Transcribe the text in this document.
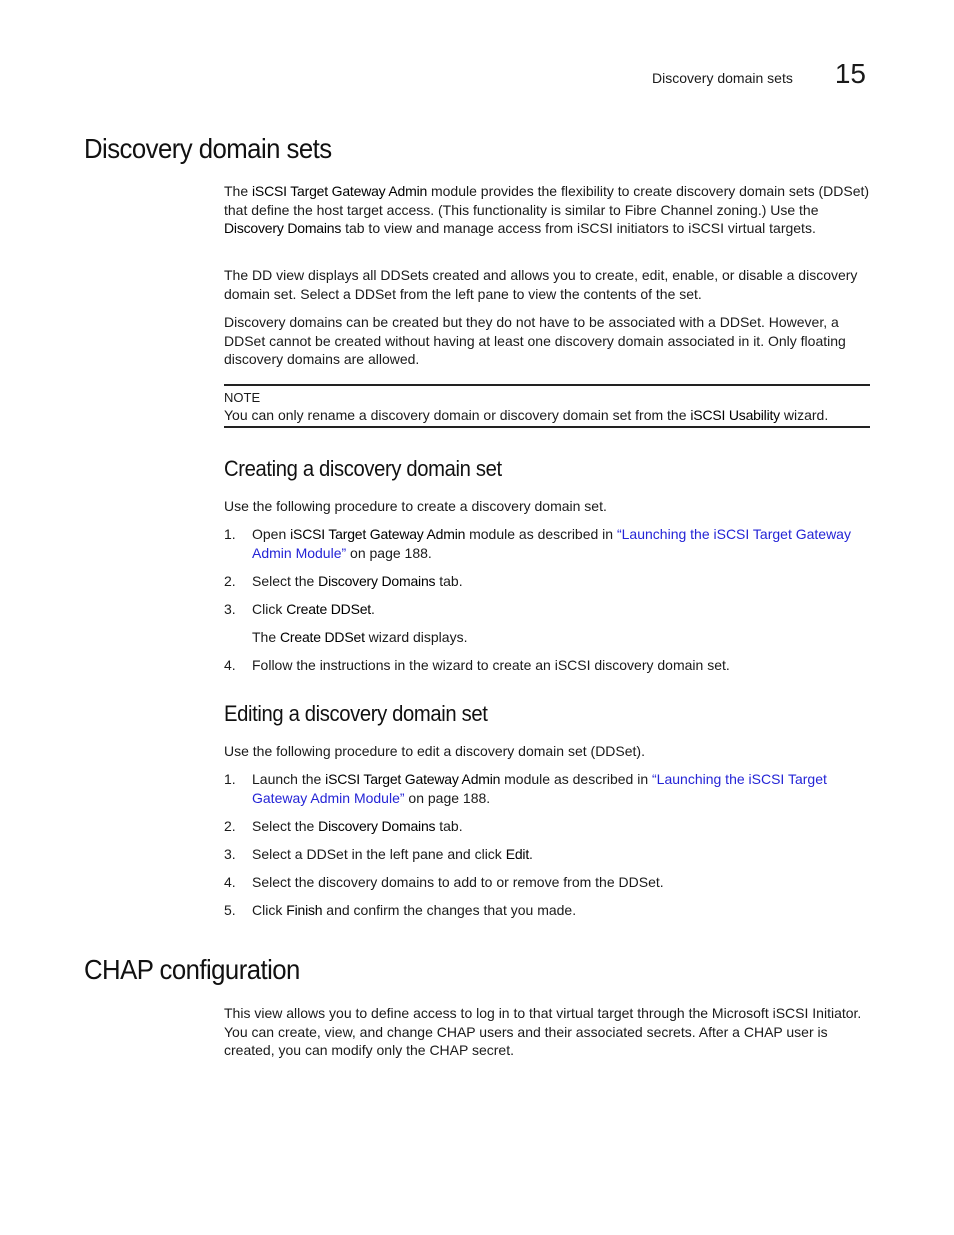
Discovery domain sets 15
Discovery domain sets

The iSCSI Target Gateway Admin module provides the flexibility to create discovery domain sets (DDSet) that define the host target access. (This functionality is similar to Fibre Channel zoning.) Use the Discovery Domains tab to view and manage access from iSCSI initiators to iSCSI virtual targets.

The DD view displays all DDSets created and allows you to create, edit, enable, or disable a discovery domain set. Select a DDSet from the left pane to view the contents of the set.

Discovery domains can be created but they do not have to be associated with a DDSet. However, a DDSet cannot be created without having at least one discovery domain associated in it. Only floating discovery domains are allowed.

NOTE
You can only rename a discovery domain or discovery domain set from the iSCSI Usability wizard.
Creating a discovery domain set

Use the following procedure to create a discovery domain set.

1.	Open iSCSI Target Gateway Admin module as described in “Launching the iSCSI Target Gateway Admin Module” on page 188.
2.	Select the Discovery Domains tab.
3.	Click Create DDSet.
The Create DDSet wizard displays.
4.	Follow the instructions in the wizard to create an iSCSI discovery domain set.
Editing a discovery domain set

Use the following procedure to edit a discovery domain set (DDSet).

1.	Launch the iSCSI Target Gateway Admin module as described in “Launching the iSCSI Target Gateway Admin Module” on page 188.
2.	Select the Discovery Domains tab.
3.	Select a DDSet in the left pane and click Edit.
4.	Select the discovery domains to add to or remove from the DDSet.
5.	Click Finish and confirm the changes that you made.
CHAP configuration

This view allows you to define access to log in to that virtual target through the Microsoft iSCSI Initiator. You can create, view, and change CHAP users and their associated secrets. After a CHAP user is created, you can modify only the CHAP secret.
